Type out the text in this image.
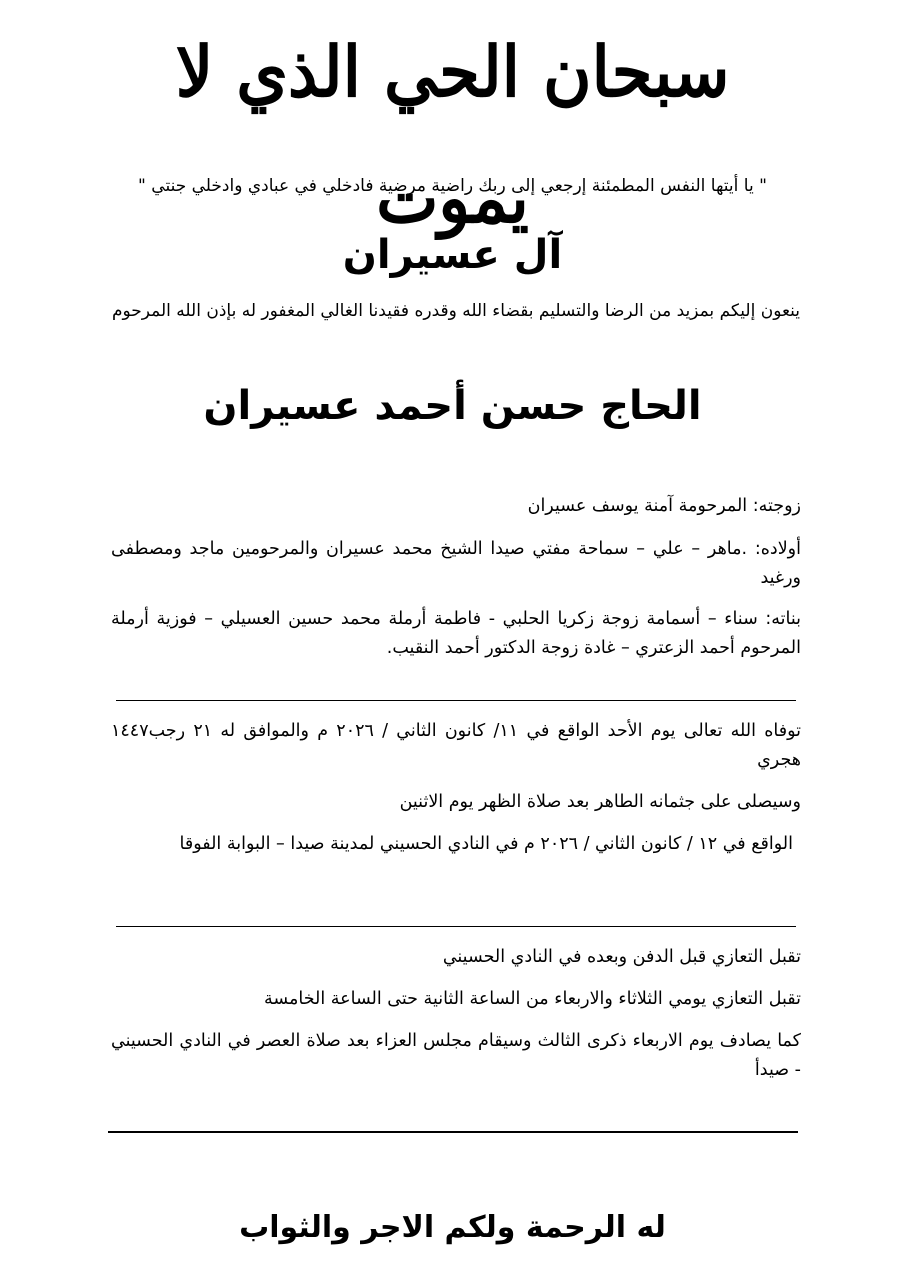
سبحان الحي الذي لا يموت
" يا أيتها النفس المطمئنة إرجعي إلى ربك راضية مرضية فادخلي في عبادي وادخلي جنتي "
آل عسيران
ينعون إليكم بمزيد من الرضا والتسليم بقضاء الله وقدره فقيدنا الغالي المغفور له بإذن الله المرحوم
الحاج حسن أحمد عسيران
زوجته: المرحومة آمنة يوسف عسيران
أولاده: .ماهر – علي – سماحة مفتي صيدا الشيخ محمد عسيران والمرحومين ماجد ومصطفى ورغيد
بناته: سناء – أسمامة زوجة زكريا الحلبي - فاطمة أرملة محمد حسين العسيلي – فوزية أرملة المرحوم أحمد الزعتري – غادة زوجة الدكتور أحمد النقيب.
توفاه الله تعالى يوم الأحد الواقع في ١١/ كانون الثاني / ٢٠٢٦ م والموافق له ٢١ رجب١٤٤٧ هجري
وسيصلى على جثمانه الطاهر بعد صلاة الظهر يوم الاثنين
الواقع في ١٢ / كانون الثاني / ٢٠٢٦ م في النادي الحسيني لمدينة صيدا – البوابة الفوقا
تقبل التعازي قبل الدفن وبعده في النادي الحسيني
تقبل التعازي يومي الثلاثاء والاربعاء من الساعة الثانية حتى الساعة الخامسة
كما يصادف يوم الاربعاء ذكرى الثالث وسيقام مجلس العزاء بعد صلاة العصر في النادي الحسيني - صيدأ
له الرحمة ولكم الاجر والثواب
